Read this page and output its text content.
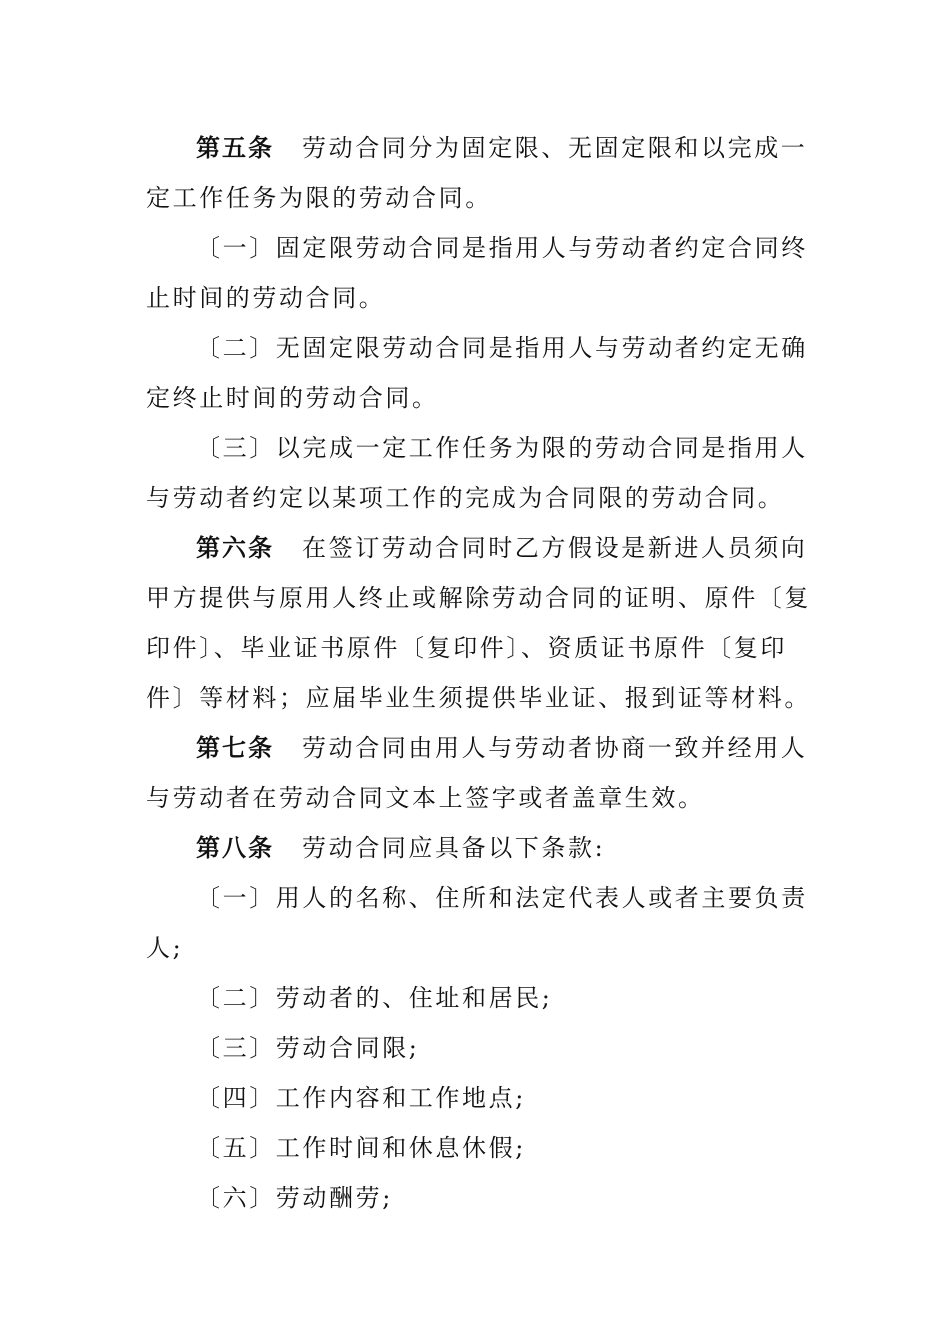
第五条 劳动合同分为固定限、无固定限和以完成一
定工作任务为限的劳动合同。
〔一〕固定限劳动合同是指用人与劳动者约定合同终
止时间的劳动合同。
〔二〕无固定限劳动合同是指用人与劳动者约定无确
定终止时间的劳动合同。
〔三〕以完成一定工作任务为限的劳动合同是指用人
与劳动者约定以某项工作的完成为合同限的劳动合同。
第六条 在签订劳动合同时乙方假设是新进人员须向
甲方提供与原用人终止或解除劳动合同的证明、原件〔复
印件〕、毕业证书原件〔复印件〕、资质证书原件〔复印
件〕等材料；应届毕业生须提供毕业证、报到证等材料。
第七条 劳动合同由用人与劳动者协商一致并经用人
与劳动者在劳动合同文本上签字或者盖章生效。
第八条 劳动合同应具备以下条款:
〔一〕用人的名称、住所和法定代表人或者主要负责
人;
〔二〕劳动者的、住址和居民;
〔三〕劳动合同限;
〔四〕工作内容和工作地点;
〔五〕工作时间和休息休假;
〔六〕劳动酬劳;
